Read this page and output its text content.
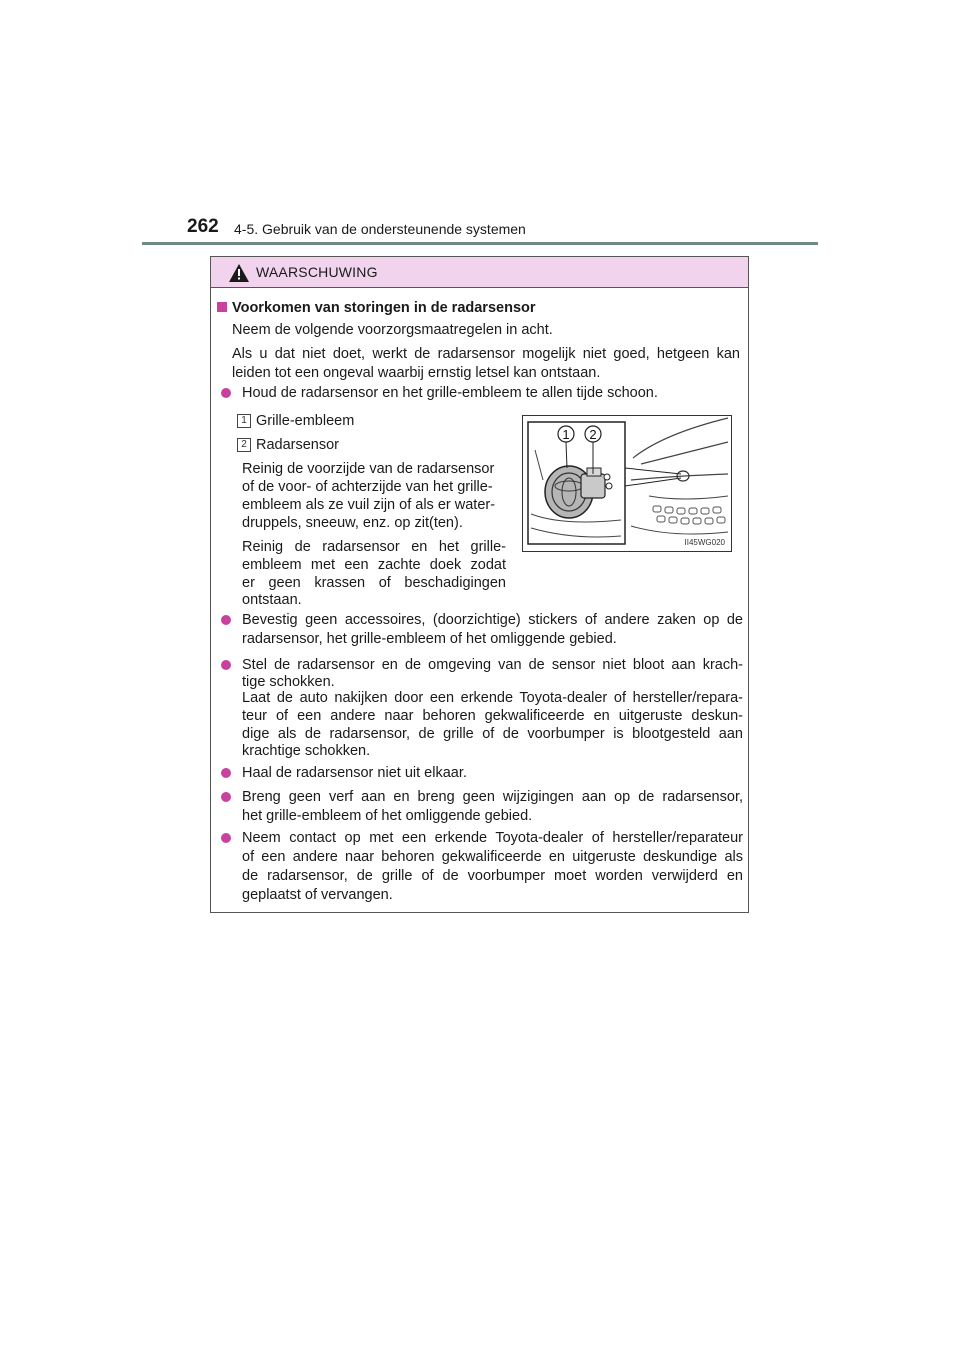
262 4-5. Gebruik van de ondersteunende systemen
WAARSCHUWING
Voorkomen van storingen in de radarsensor
Neem de volgende voorzorgsmaatregelen in acht.
Als u dat niet doet, werkt de radarsensor mogelijk niet goed, hetgeen kan
leiden tot een ongeval waarbij ernstig letsel kan ontstaan.
Houd de radarsensor en het grille-embleem te allen tijde schoon.
1 Grille-embleem
2 Radarsensor
Reinig de voorzijde van de radarsensor
of de voor- of achterzijde van het grille-
embleem als ze vuil zijn of als er water-
druppels, sneeuw, enz. op zit(ten).
Reinig de radarsensor en het grille-
embleem met een zachte doek zodat
er geen krassen of beschadigingen
ontstaan.
Bevestig geen accessoires, (doorzichtige) stickers of andere zaken op de
radarsensor, het grille-embleem of het omliggende gebied.
Stel de radarsensor en de omgeving van de sensor niet bloot aan krach-
tige schokken.
Laat de auto nakijken door een erkende Toyota-dealer of hersteller/repara-
teur of een andere naar behoren gekwalificeerde en uitgeruste deskun-
dige als de radarsensor, de grille of de voorbumper is blootgesteld aan
krachtige schokken.
Haal de radarsensor niet uit elkaar.
Breng geen verf aan en breng geen wijzigingen aan op de radarsensor,
het grille-embleem of het omliggende gebied.
Neem contact op met een erkende Toyota-dealer of hersteller/reparateur
of een andere naar behoren gekwalificeerde en uitgeruste deskundige als
de radarsensor, de grille of de voorbumper moet worden verwijderd en
geplaatst of vervangen.
1 2
II45WG020
